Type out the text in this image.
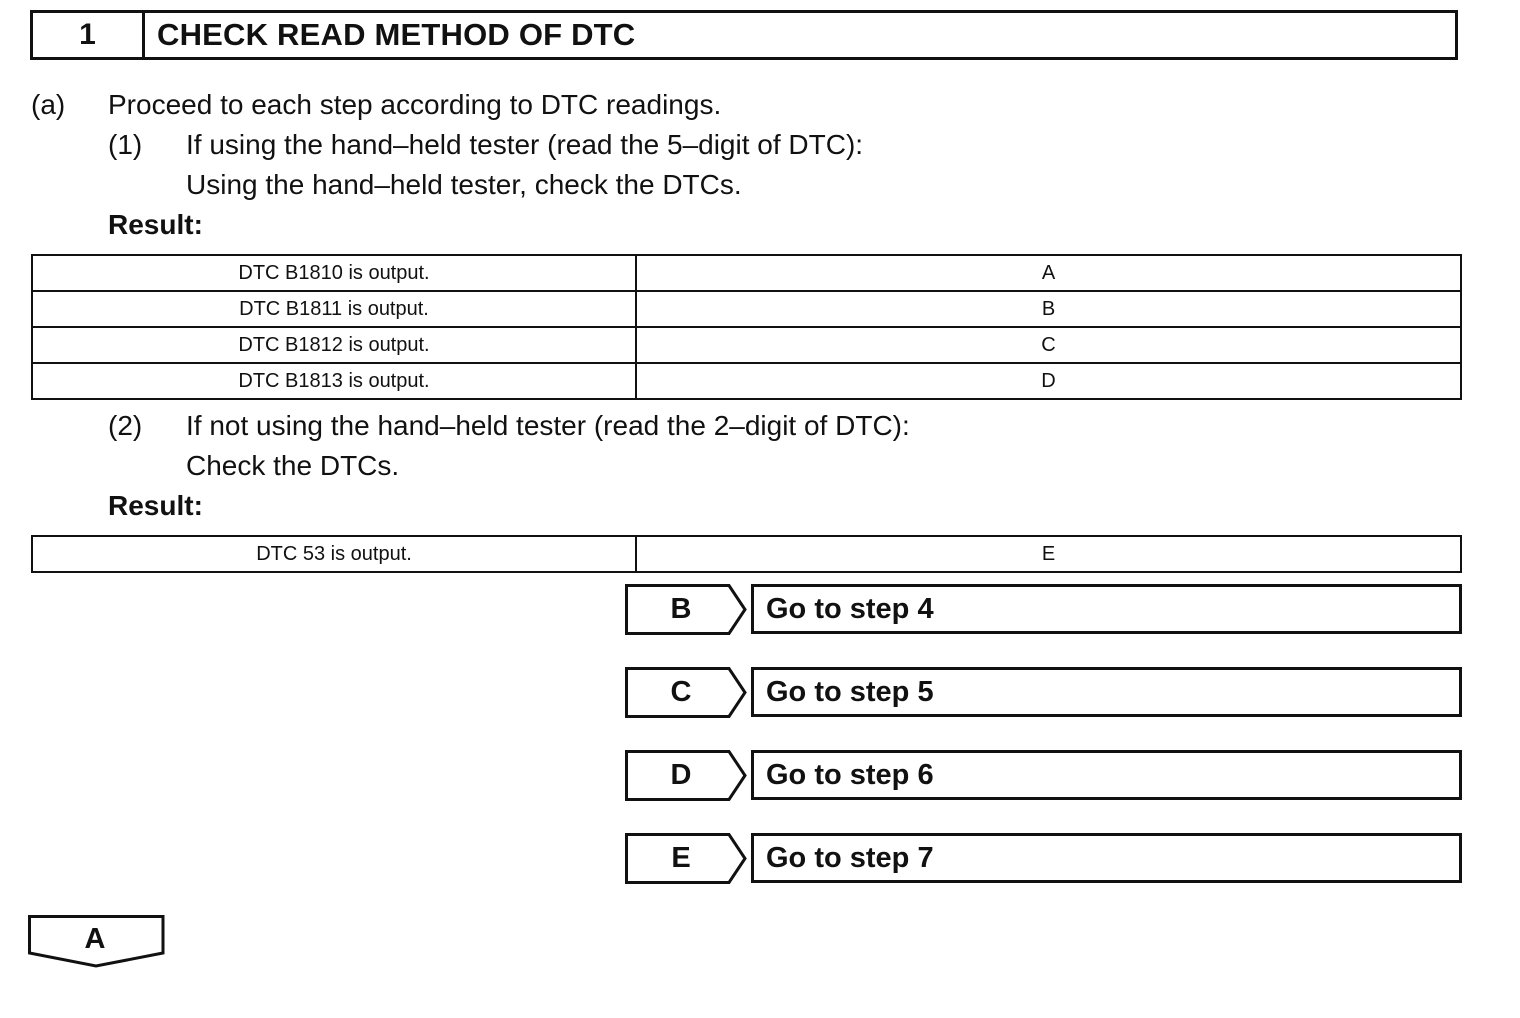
1	CHECK READ METHOD OF DTC
(a) Proceed to each step according to DTC readings.
(1) If using the hand–held tester (read the 5–digit of DTC):
Using the hand–held tester, check the DTCs.
Result:
DTC B1810 is output.	A
DTC B1811 is output.	B
DTC B1812 is output.	C
DTC B1813 is output.	D
(2) If not using the hand–held tester (read the 2–digit of DTC):
Check the DTCs.
Result:
DTC 53 is output.	E
B	Go to step 4
C	Go to step 5
D	Go to step 6
E	Go to step 7
A
